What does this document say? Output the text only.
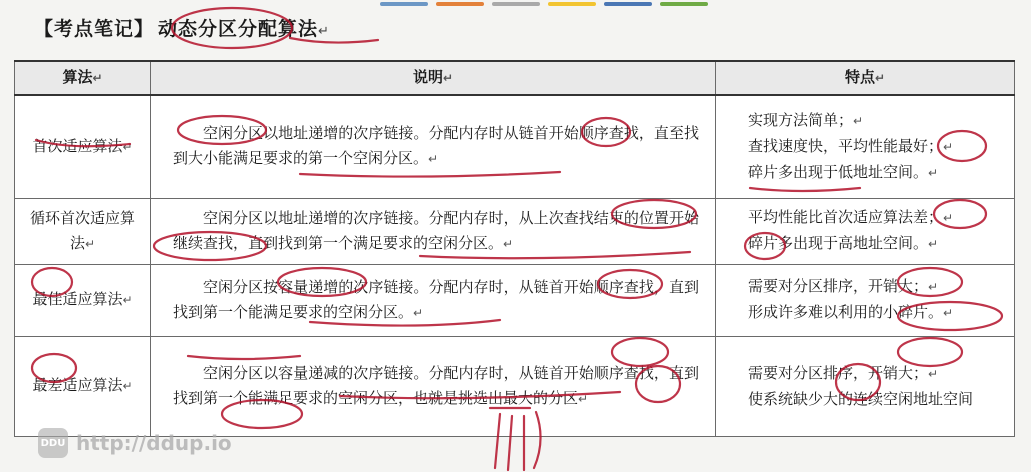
【考点笔记】 动态分区分配算法↵
算法↵	说明↵	特点↵
首次适应算法↵	空闲分区以地址递增的次序链接。分配内存时从链首开始顺序查找，直至找到大小能满足要求的第一个空闲分区。↵	实现方法简单；↵
查找速度快，平均性能最好；↵
碎片多出现于低地址空间。↵

循环首次适应算法↵	空闲分区以地址递增的次序链接。分配内存时，从上次查找结束的位置开始继续查找，直到找到第一个满足要求的空闲分区。↵	平均性能比首次适应算法差；↵
碎片多出现于高地址空间。↵

最佳适应算法↵	空闲分区按容量递增的次序链接。分配内存时，从链首开始顺序查找，直到找到第一个能满足要求的空闲分区。↵	需要对分区排序，开销大；↵
形成许多难以利用的小碎片。↵

最差适应算法↵	空闲分区以容量递减的次序链接。分配内存时，从链首开始顺序查找，直到找到第一个能满足要求的空闲分区，也就是挑选出最大的分区↵	需要对分区排序，开销大；↵
使系统缺少大的连续空闲地址空间
DDU http://ddup.io
